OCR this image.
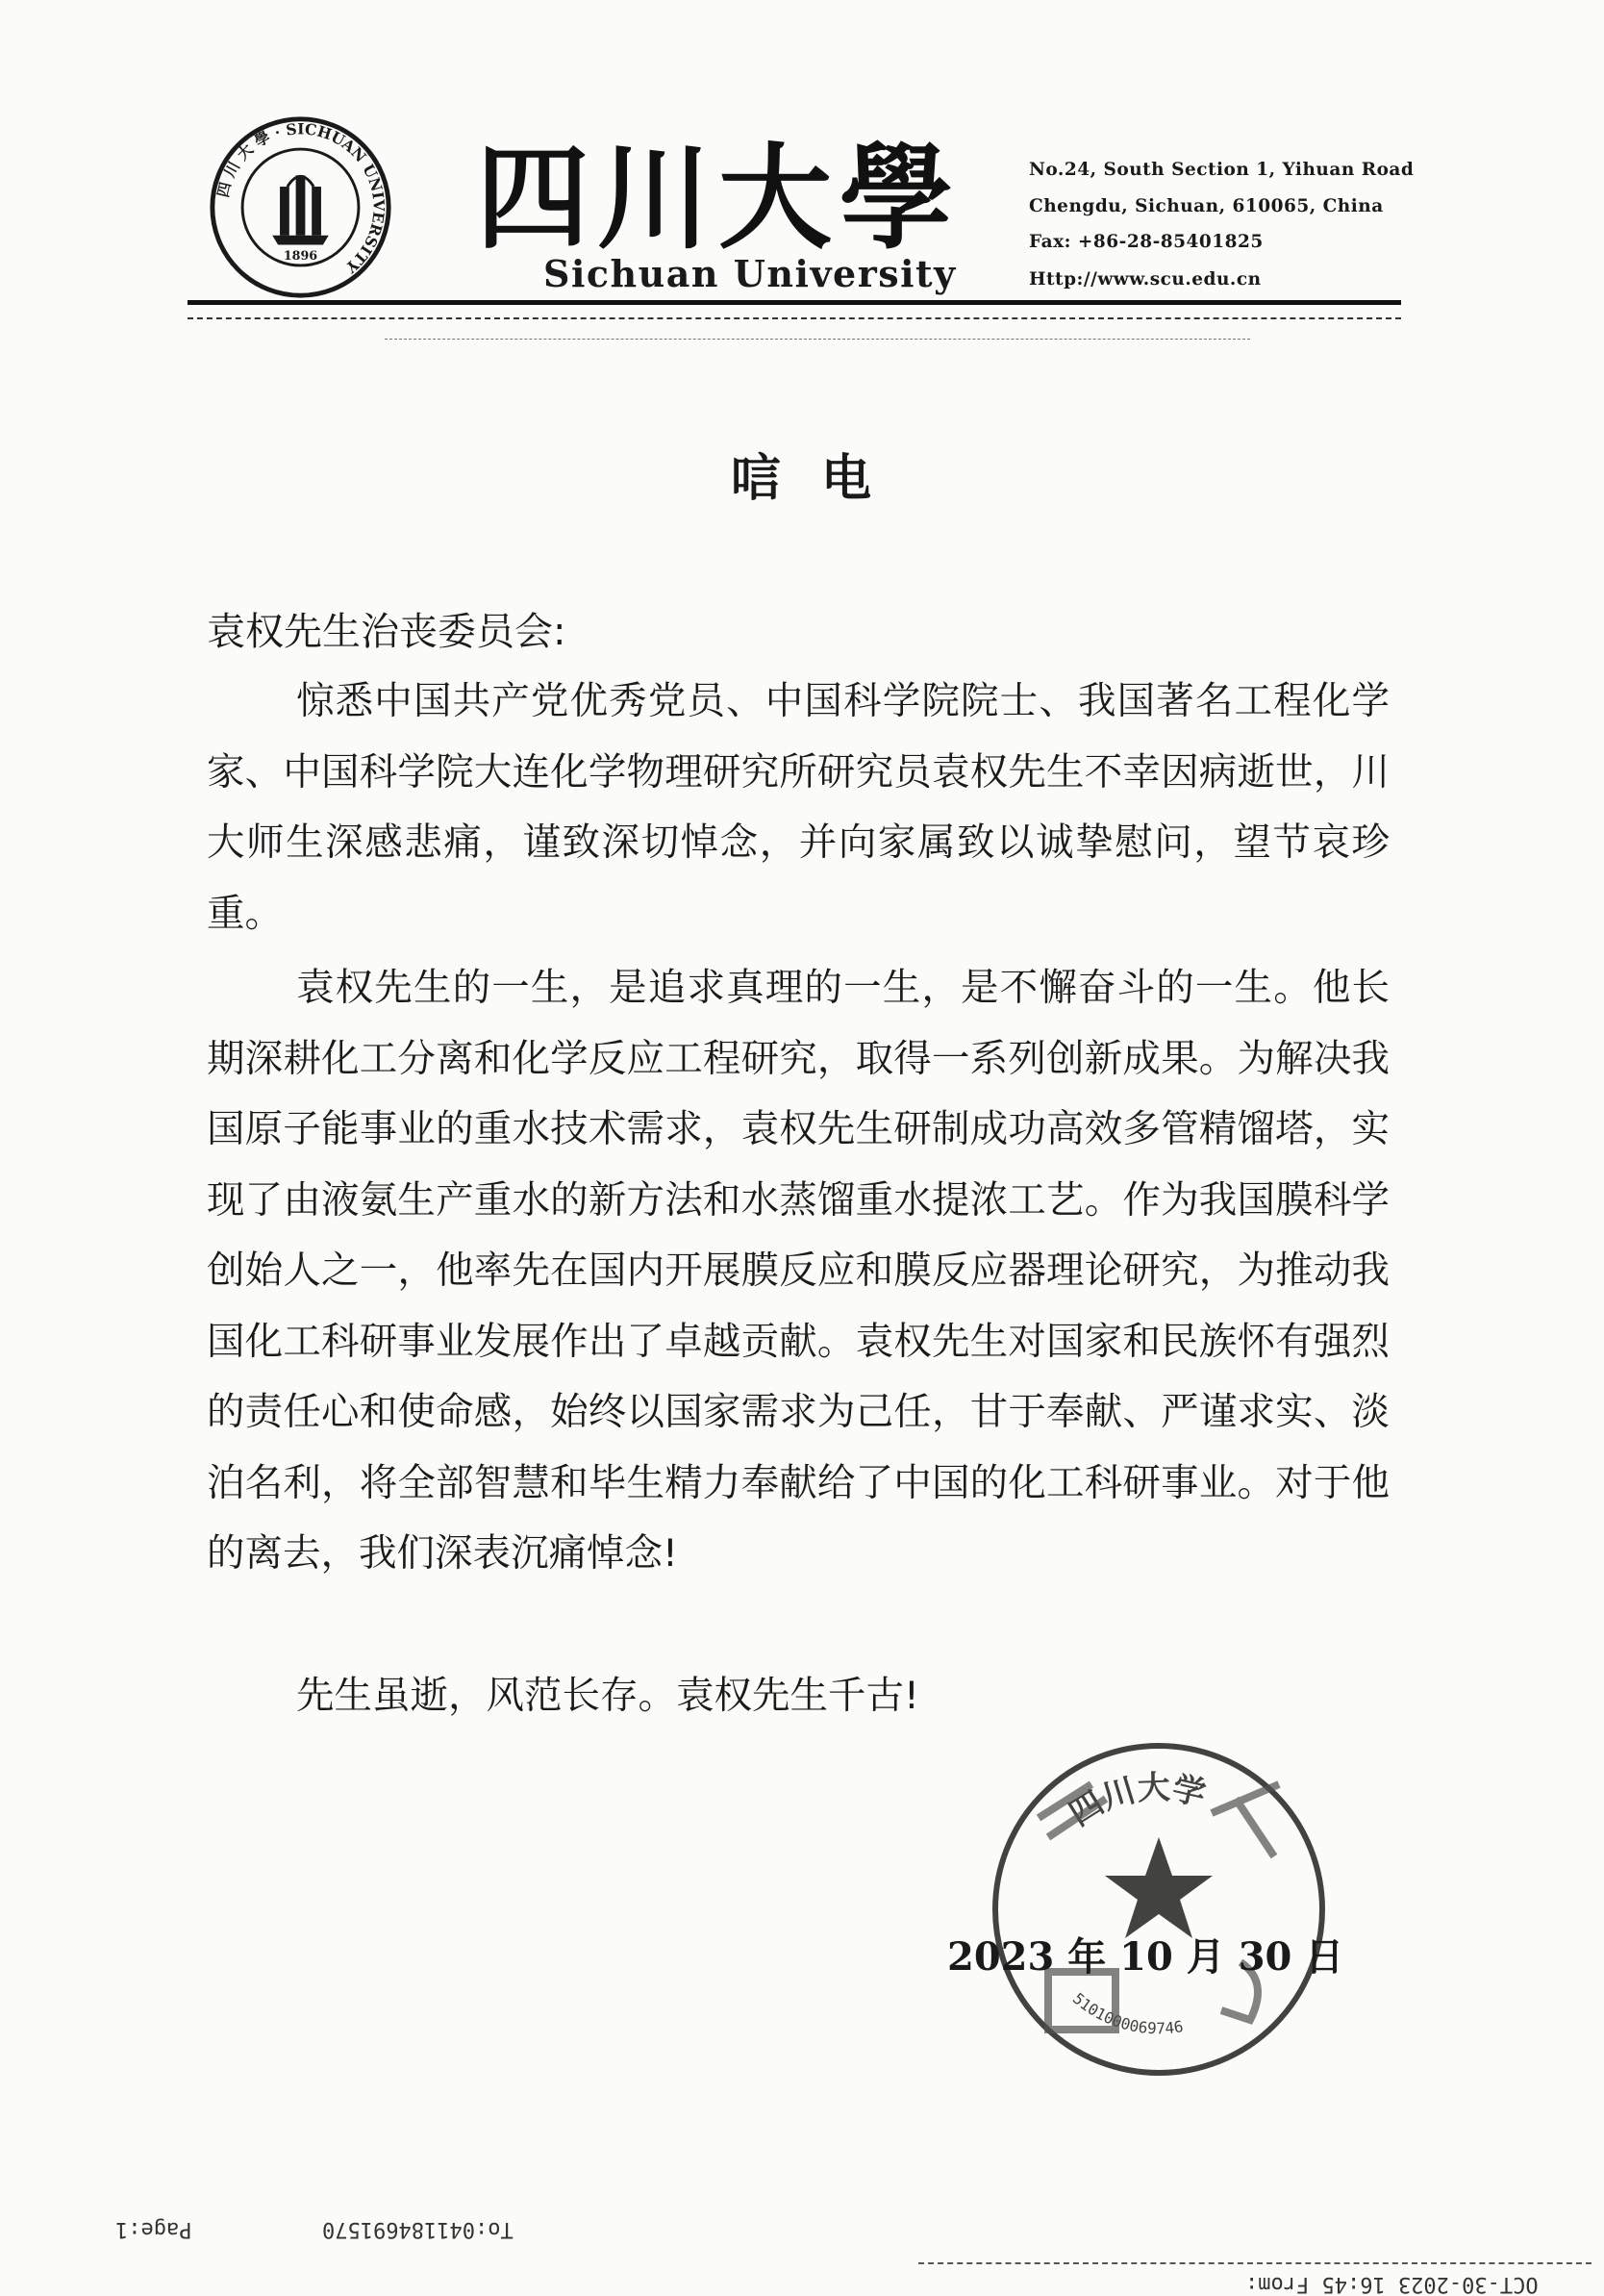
四 川 大 學 · SICHUAN UNIVERSITY
1896 四川大學
Sichuan University
No.24, South Section 1, Yihuan Road
Chengdu, Sichuan, 610065, China
Fax: +86-28-85401825
Http://www.scu.edu.cn
唁电
袁权先生治丧委员会:

惊悉中国共产党优秀党员、中国科学院院士、我国著名工程化学家、中国科学院大连化学物理研究所研究员袁权先生不幸因病逝世，川大师生深感悲痛，谨致深切悼念，并向家属致以诚挚慰问，望节哀珍重。

袁权先生的一生，是追求真理的一生，是不懈奋斗的一生。他长期深耕化工分离和化学反应工程研究，取得一系列创新成果。为解决我国原子能事业的重水技术需求，袁权先生研制成功高效多管精馏塔，实现了由液氨生产重水的新方法和水蒸馏重水提浓工艺。作为我国膜科学创始人之一，他率先在国内开展膜反应和膜反应器理论研究，为推动我国化工科研事业发展作出了卓越贡献。袁权先生对国家和民族怀有强烈的责任心和使命感，始终以国家需求为己任，甘于奉献、严谨求实、淡泊名利，将全部智慧和毕生精力奉献给了中国的化工科研事业。对于他的离去，我们深表沉痛悼念!

先生虽逝，风范长存。袁权先生千古!

四川大学
5101000069746
2023 年 10 月 30 日
Page:1	To:041184691570
OCT-30-2023 16:45 From:
